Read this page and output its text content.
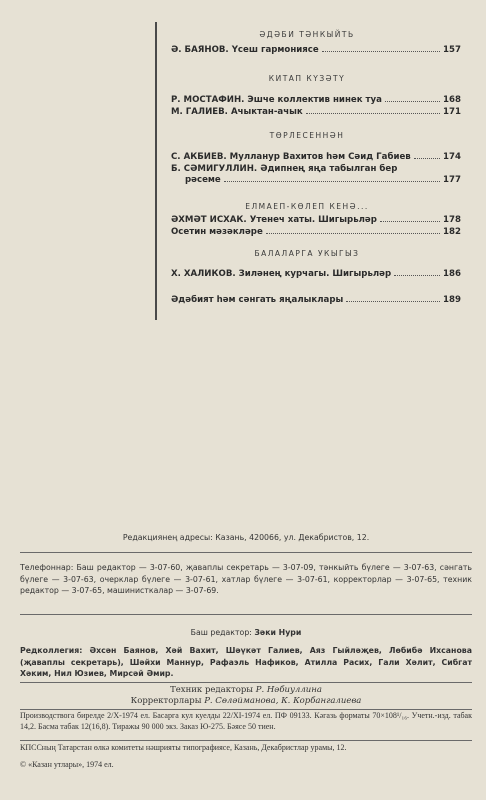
ӘДӘБИ ТӘНКЫЙТЬ
Ә. БАЯНОВ. Үсеш гармониясе	157
КИТАП КҮЗӘТҮ
Р. МОСТАФИН. Эшче коллектив нинек туа	168
М. ГАЛИЕВ. Ачыктан-ачык	171
ТӨРЛЕСЕННӘН
С. АКБИЕВ. Мулланур Вахитов һәм Сәид Габиев	174
Б. СӘМИГУЛЛИН. Әдипнең яңа табылган бер
рәсеме	177
ЕЛМАЕП-КӨЛЕП КЕНӘ...
ӘХМӘТ ИСХАК. Утенеч хаты. Шигырьләр	178
Осетин мәзәкләре	182
БАЛАЛАРГА УКЫГЫЗ
Х. ХАЛИКОВ. Зиләнең курчагы. Шигырьләр	186
Әдәбият һәм сәнгать яңалыклары	189
Редакциянең адресы: Казань, 420066, ул. Декабристов, 12.
Телефоннар: Баш редактор — 3-07-60, җаваплы секретарь — 3-07-09, тәнкыйть бүлеге — 3-07-63, сәнгать бүлеге — 3-07-63, очерклар бүлеге — 3-07-61, хатлар бүлеге — 3-07-61, корректорлар — 3-07-65, техник редактор — 3-07-65, машинисткалар — 3-07-69.
Баш редактор: Зәки Нури
Редколлегия: Әхсән Баянов, Хәй Вахит, Шәүкәт Галиев, Аяз Гыйләҗев, Лөбибә Ихсанова (җаваплы секретарь), Шәйхи Маннур, Рафаэль Нафиков, Атилла Расих, Гали Хәлит, Сибгат Хәким, Нил Юзиев, Мирсәй Әмир.
Техник редакторы Р. Нәбиуллина
Корректорлары Р. Сөләйманова, К. Корбангалиева
Производствога бирелде 2/X-1974 ел. Басарга кул куелды 22/XI-1974 ел. ПФ 09133. Кәгазь форматы 70×108¹/₁₆. Учетн.-изд. табак 14,2. Басма табак 12(16,8). Тиражы 90 000 экз. Заказ Ю-275. Бәясе 50 тиен.
КПССның Татарстан өлкә комитеты нәшрияты типографиясе, Казань, Декабристлар урамы, 12.
© «Казан утлары», 1974 ел.
